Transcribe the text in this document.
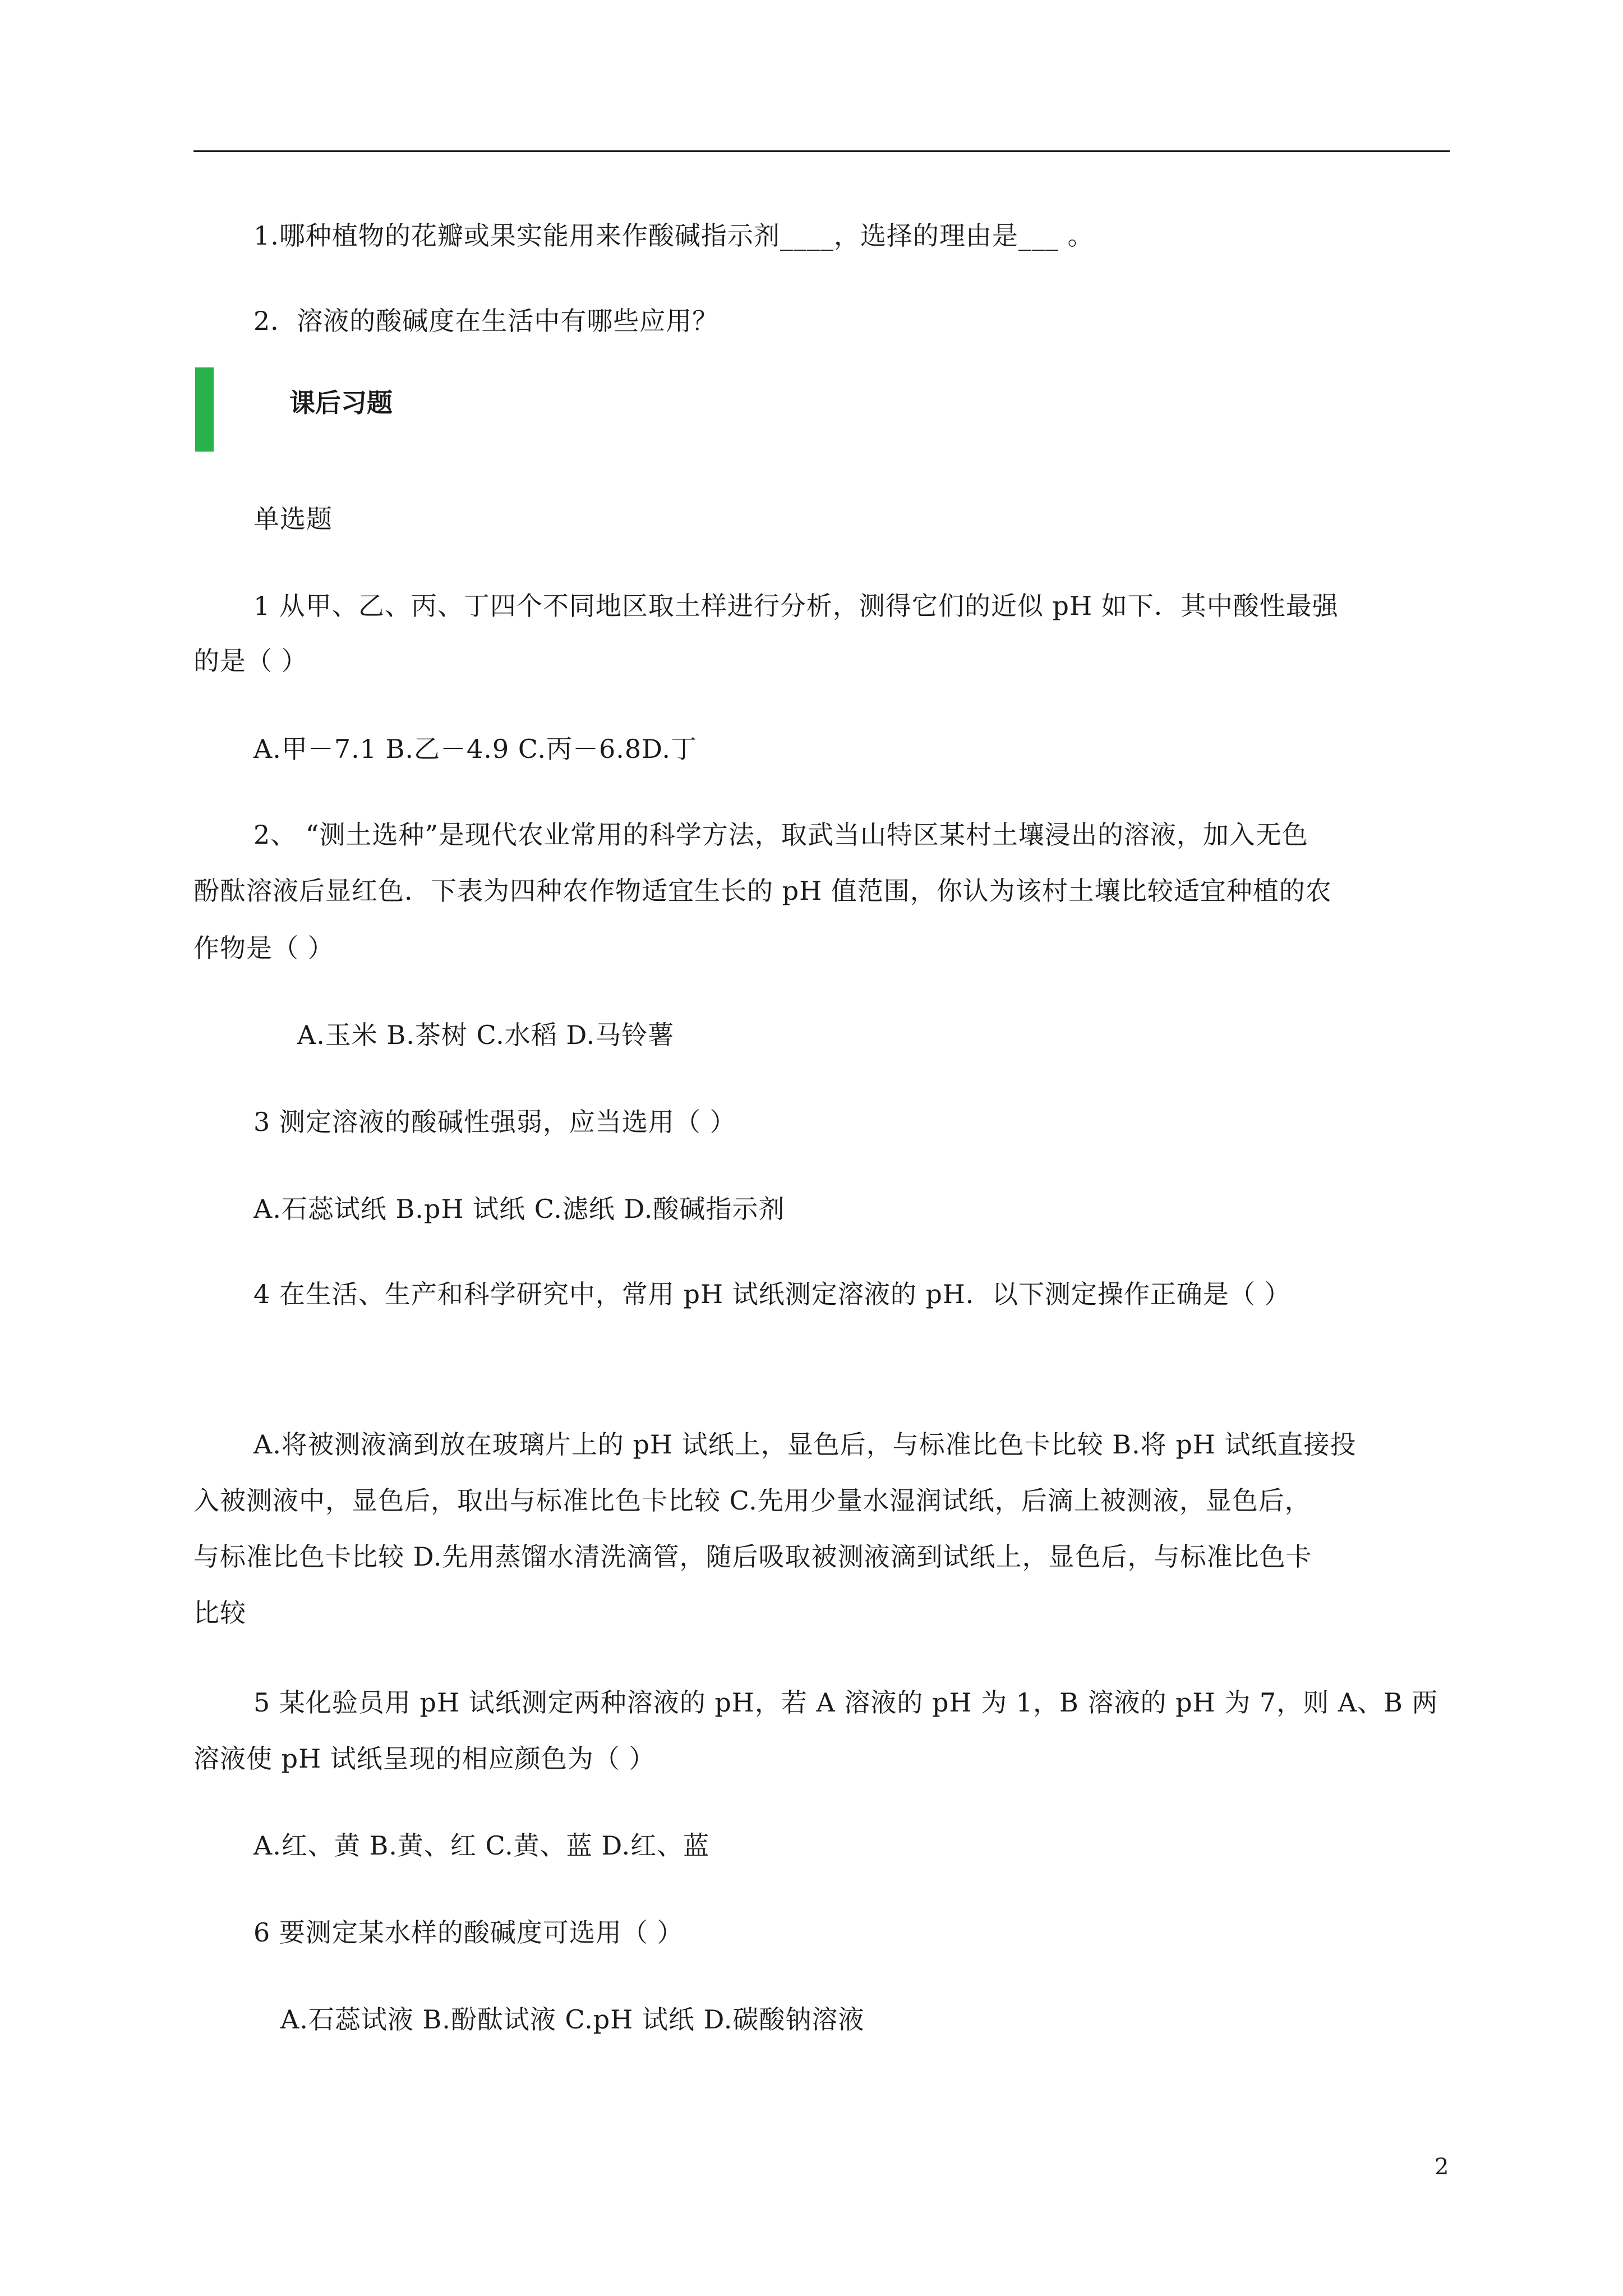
1.哪种植物的花瓣或果实能用来作酸碱指示剂____，选择的理由是___ 。
2．溶液的酸碱度在生活中有哪些应用？
课后习题
单选题
1 从甲、乙、丙、丁四个不同地区取土样进行分析，测得它们的近似 pH 如下．其中酸性最强
的是（ ）
A.甲－7.1 B.乙－4.9 C.丙－6.8D.丁
2、 “测土选种”是现代农业常用的科学方法，取武当山特区某村土壤浸出的溶液，加入无色
酚酞溶液后显红色．下表为四种农作物适宜生长的 pH 值范围，你认为该村土壤比较适宜种植的农
作物是（ ）
A.玉米 B.茶树 C.水稻 D.马铃薯
3 测定溶液的酸碱性强弱，应当选用（ ）
A.石蕊试纸 B.pH 试纸 C.滤纸 D.酸碱指示剂
4 在生活、生产和科学研究中，常用 pH 试纸测定溶液的 pH．以下测定操作正确是（ ）
A.将被测液滴到放在玻璃片上的 pH 试纸上，显色后，与标准比色卡比较 B.将 pH 试纸直接投
入被测液中，显色后，取出与标准比色卡比较 C.先用少量水湿润试纸，后滴上被测液，显色后，
与标准比色卡比较 D.先用蒸馏水清洗滴管，随后吸取被测液滴到试纸上，显色后，与标准比色卡
比较
5 某化验员用 pH 试纸测定两种溶液的 pH，若 A 溶液的 pH 为 1，B 溶液的 pH 为 7，则 A、B 两
溶液使 pH 试纸呈现的相应颜色为（ ）
A.红、黄 B.黄、红 C.黄、蓝 D.红、蓝
6 要测定某水样的酸碱度可选用（ ）
A.石蕊试液 B.酚酞试液 C.pH 试纸 D.碳酸钠溶液
2
